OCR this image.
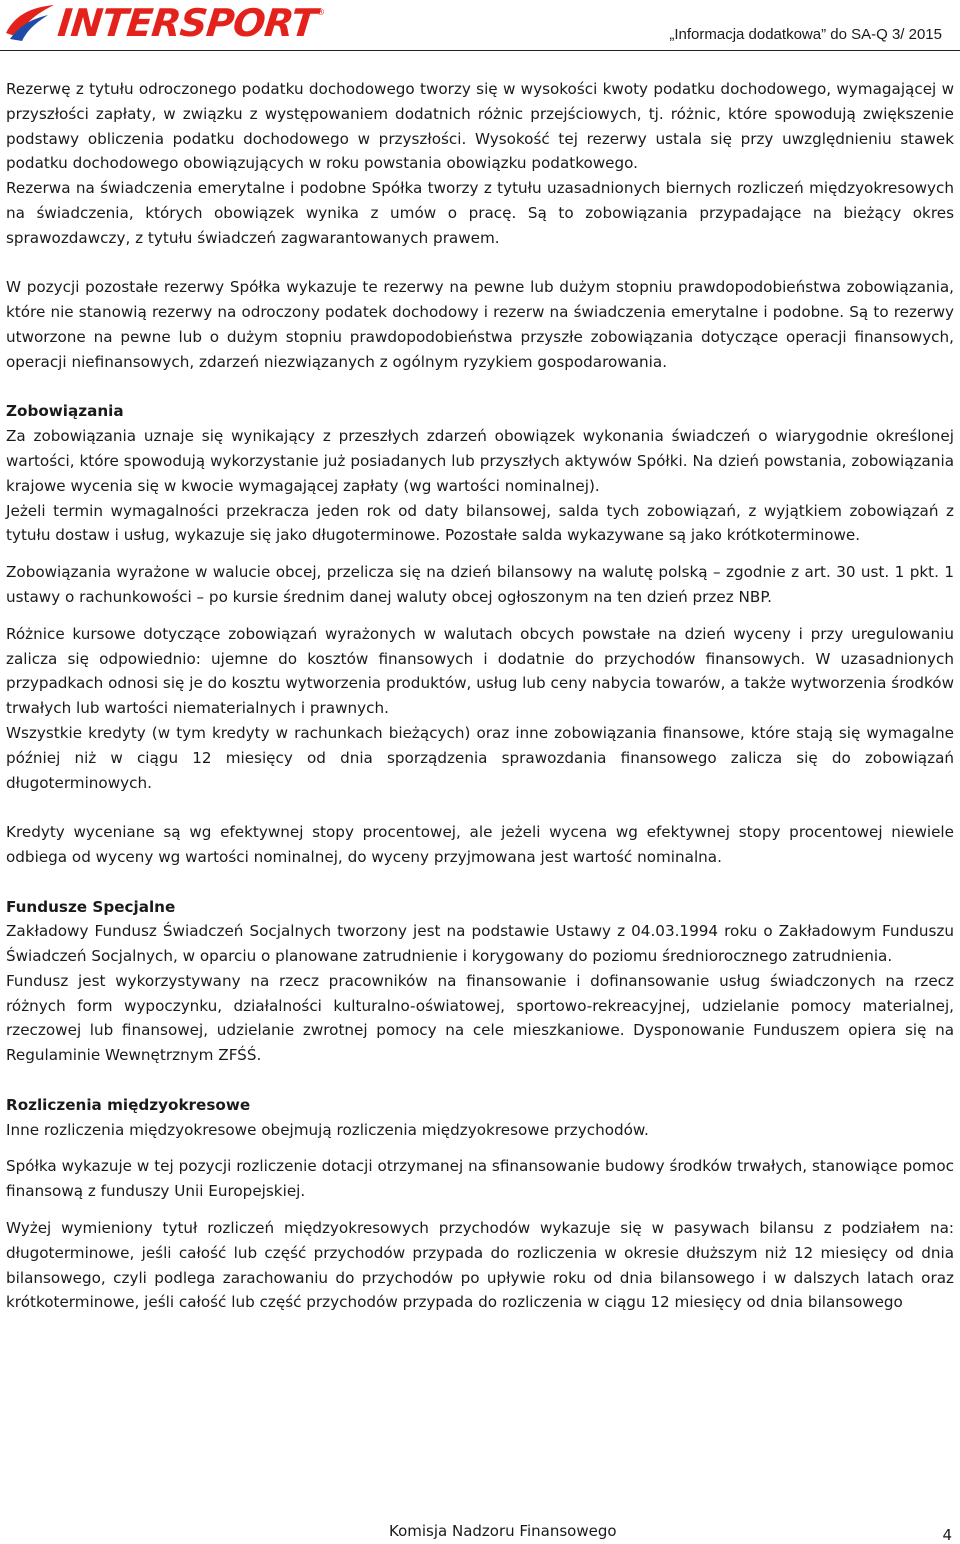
INTERSPORT
®
„Informacja dodatkowa” do SA-Q 3/ 2015

Rezerwę z tytułu odroczonego podatku dochodowego tworzy się w wysokości kwoty podatku dochodowego, wymagającej w przyszłości zapłaty, w związku z występowaniem dodatnich różnic przejściowych, tj. różnic, które spowodują zwiększenie podstawy obliczenia podatku dochodowego w przyszłości. Wysokość tej rezerwy ustala się przy uwzględnieniu stawek podatku dochodowego obowiązujących w roku powstania obowiązku podatkowego.

Rezerwa na świadczenia emerytalne i podobne Spółka tworzy z tytułu uzasadnionych biernych rozliczeń międzyokresowych na świadczenia, których obowiązek wynika z umów o pracę. Są to zobowiązania przypadające na bieżący okres sprawozdawczy, z tytułu świadczeń zagwarantowanych prawem.

W pozycji pozostałe rezerwy Spółka wykazuje te rezerwy na pewne lub dużym stopniu prawdopodobieństwa zobowiązania, które nie stanowią rezerwy na odroczony podatek dochodowy i rezerw na świadczenia emerytalne i podobne. Są to rezerwy utworzone na pewne lub o dużym stopniu prawdopodobieństwa przyszłe zobowiązania dotyczące operacji finansowych, operacji niefinansowych, zdarzeń niezwiązanych z ogólnym ryzykiem gospodarowania.

Zobowiązania

Za zobowiązania uznaje się wynikający z przeszłych zdarzeń obowiązek wykonania świadczeń o wiarygodnie określonej wartości, które spowodują wykorzystanie już posiadanych lub przyszłych aktywów Spółki. Na dzień powstania, zobowiązania krajowe wycenia się w kwocie wymagającej zapłaty (wg wartości nominalnej).

Jeżeli termin wymagalności przekracza jeden rok od daty bilansowej, salda tych zobowiązań, z wyjątkiem zobowiązań z tytułu dostaw i usług, wykazuje się jako długoterminowe. Pozostałe salda wykazywane są jako krótkoterminowe.

Zobowiązania wyrażone w walucie obcej, przelicza się na dzień bilansowy na walutę polską – zgodnie z art. 30 ust. 1 pkt. 1 ustawy o rachunkowości – po kursie średnim danej waluty obcej ogłoszonym na ten dzień przez NBP.

Różnice kursowe dotyczące zobowiązań wyrażonych w walutach obcych powstałe na dzień wyceny i przy uregulowaniu zalicza się odpowiednio: ujemne do kosztów finansowych i dodatnie do przychodów finansowych. W uzasadnionych przypadkach odnosi się je do kosztu wytworzenia produktów, usług lub ceny nabycia towarów, a także wytworzenia środków trwałych lub wartości niematerialnych i prawnych.

Wszystkie kredyty (w tym kredyty w rachunkach bieżących) oraz inne zobowiązania finansowe, które stają się wymagalne później niż w ciągu 12 miesięcy od dnia sporządzenia sprawozdania finansowego zalicza się do zobowiązań długoterminowych.

Kredyty wyceniane są wg efektywnej stopy procentowej, ale jeżeli wycena wg efektywnej stopy procentowej niewiele odbiega od wyceny wg wartości nominalnej, do wyceny przyjmowana jest wartość nominalna.

Fundusze Specjalne

Zakładowy Fundusz Świadczeń Socjalnych tworzony jest na podstawie Ustawy z 04.03.1994 roku o Zakładowym Funduszu Świadczeń Socjalnych, w oparciu o planowane zatrudnienie i korygowany do poziomu średniorocznego zatrudnienia.

Fundusz jest wykorzystywany na rzecz pracowników na finansowanie i dofinansowanie usług świadczonych na rzecz różnych form wypoczynku, działalności kulturalno-oświatowej, sportowo-rekreacyjnej, udzielanie pomocy materialnej, rzeczowej lub finansowej, udzielanie zwrotnej pomocy na cele mieszkaniowe. Dysponowanie Funduszem opiera się na Regulaminie Wewnętrznym ZFŚŚ.

Rozliczenia międzyokresowe

Inne rozliczenia międzyokresowe obejmują rozliczenia międzyokresowe przychodów.

Spółka wykazuje w tej pozycji rozliczenie dotacji otrzymanej na sfinansowanie budowy środków trwałych, stanowiące pomoc finansową z funduszy Unii Europejskiej.

Wyżej wymieniony tytuł rozliczeń międzyokresowych przychodów wykazuje się w pasywach bilansu z podziałem na: długoterminowe, jeśli całość lub część przychodów przypada do rozliczenia w okresie dłuższym niż 12 miesięcy od dnia bilansowego, czyli podlega zarachowaniu do przychodów po upływie roku od dnia bilansowego i w dalszych latach oraz krótkoterminowe, jeśli całość lub część przychodów przypada do rozliczenia w ciągu 12 miesięcy od dnia bilansowego

Komisja Nadzoru Finansowego	4
